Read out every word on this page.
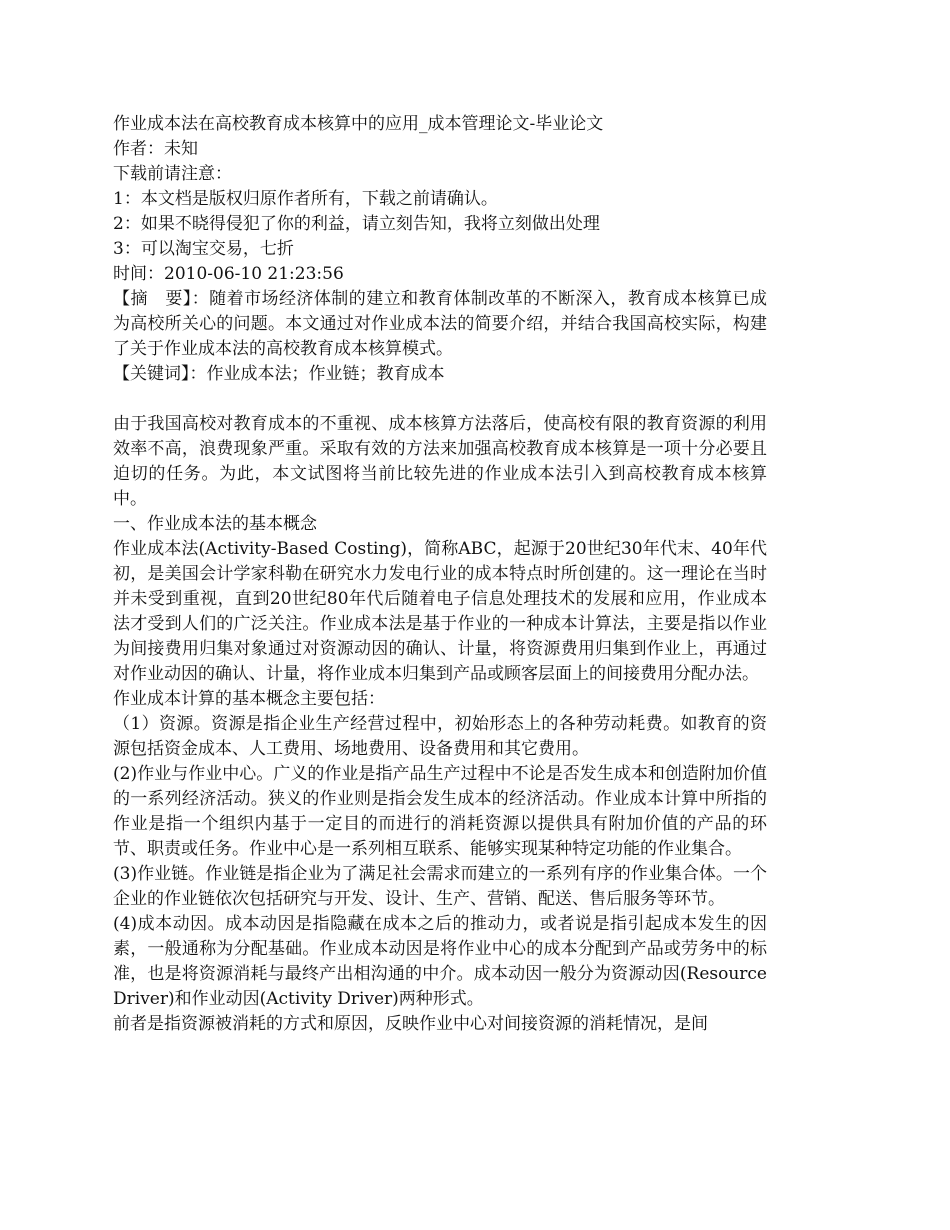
作业成本法在高校教育成本核算中的应用_成本管理论文-毕业论文
作者：未知
下载前请注意：
1：本文档是版权归原作者所有，下载之前请确认。
2：如果不晓得侵犯了你的利益，请立刻告知，我将立刻做出处理
3：可以淘宝交易，七折
时间：2010-06-10 21:23:56
【摘　要】：随着市场经济体制的建立和教育体制改革的不断深入，教育成本核算已成为高校所关心的问题。本文通过对作业成本法的简要介绍，并结合我国高校实际，构建了关于作业成本法的高校教育成本核算模式。
【关键词】：作业成本法；作业链；教育成本
由于我国高校对教育成本的不重视、成本核算方法落后，使高校有限的教育资源的利用效率不高，浪费现象严重。采取有效的方法来加强高校教育成本核算是一项十分必要且迫切的任务。为此，本文试图将当前比较先进的作业成本法引入到高校教育成本核算中。
一、作业成本法的基本概念
作业成本法(Activity-Based Costing)，简称ABC，起源于20世纪30年代末、40年代初，是美国会计学家科勒在研究水力发电行业的成本特点时所创建的。这一理论在当时并未受到重视，直到20世纪80年代后随着电子信息处理技术的发展和应用，作业成本法才受到人们的广泛关注。作业成本法是基于作业的一种成本计算法，主要是指以作业为间接费用归集对象通过对资源动因的确认、计量，将资源费用归集到作业上，再通过对作业动因的确认、计量，将作业成本归集到产品或顾客层面上的间接费用分配办法。
作业成本计算的基本概念主要包括：
（1）资源。资源是指企业生产经营过程中，初始形态上的各种劳动耗费。如教育的资源包括资金成本、人工费用、场地费用、设备费用和其它费用。
(2)作业与作业中心。广义的作业是指产品生产过程中不论是否发生成本和创造附加价值的一系列经济活动。狭义的作业则是指会发生成本的经济活动。作业成本计算中所指的作业是指一个组织内基于一定目的而进行的消耗资源以提供具有附加价值的产品的环节、职责或任务。作业中心是一系列相互联系、能够实现某种特定功能的作业集合。
(3)作业链。作业链是指企业为了满足社会需求而建立的一系列有序的作业集合体。一个企业的作业链依次包括研究与开发、设计、生产、营销、配送、售后服务等环节。
(4)成本动因。成本动因是指隐藏在成本之后的推动力，或者说是指引起成本发生的因素，一般通称为分配基础。作业成本动因是将作业中心的成本分配到产品或劳务中的标准，也是将资源消耗与最终产出相沟通的中介。成本动因一般分为资源动因(Resource Driver)和作业动因(Activity Driver)两种形式。
前者是指资源被消耗的方式和原因，反映作业中心对间接资源的消耗情况，是间
